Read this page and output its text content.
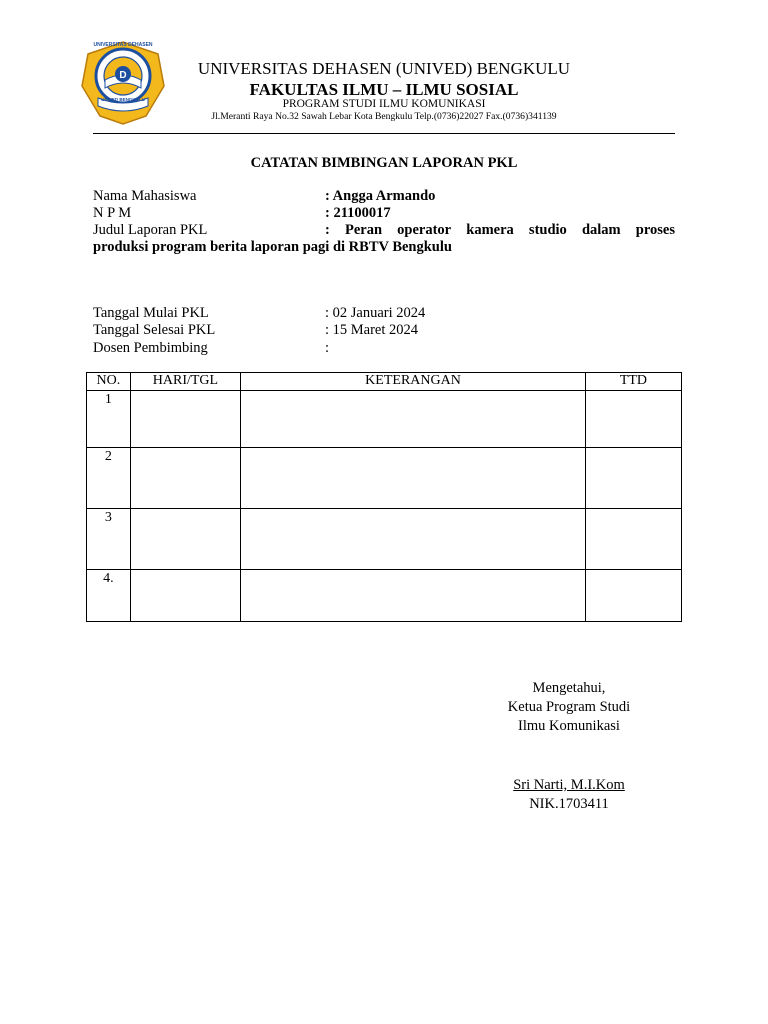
D
UNIVERSITAS DEHASEN
UNIVED BENGKULU
UNIVERSITAS DEHASEN (UNIVED) BENGKULU
FAKULTAS ILMU – ILMU SOSIAL
PROGRAM STUDI ILMU KOMUNIKASI
Jl.Meranti Raya No.32 Sawah Lebar Kota Bengkulu Telp.(0736)22027 Fax.(0736)341139
CATATAN BIMBINGAN LAPORAN PKL
Nama Mahasiswa	: Angga Armando
N P M	: 21100017
Judul Laporan PKL	: Peran operator kamera studio dalam proses
produksi program berita laporan pagi di RBTV Bengkulu
Tanggal Mulai PKL	: 02 Januari 2024
Tanggal Selesai PKL	: 15 Maret 2024
Dosen Pembimbing	:
NO.	HARI/TGL	KETERANGAN	TTD
1			
2			
3			
4.			
Mengetahui,
Ketua Program Studi
Ilmu Komunikasi
Sri Narti, M.I.Kom
NIK.1703411
